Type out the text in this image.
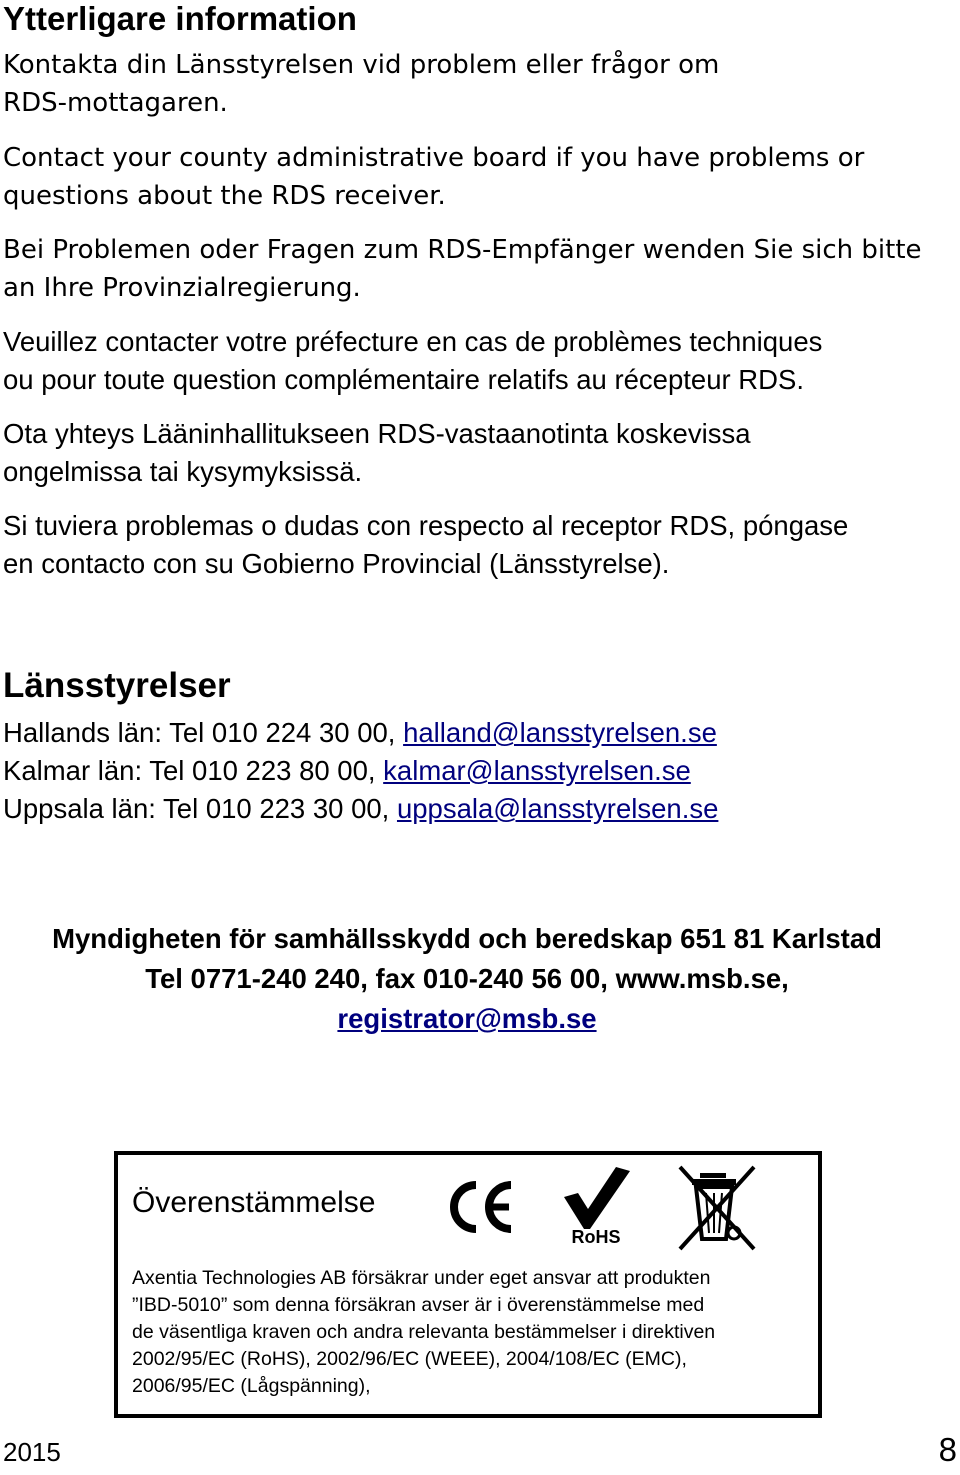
Ytterligare information

Kontakta din Länsstyrelsen vid problem eller frågor om
RDS-mottagaren.

Contact your county administrative board if you have problems or
questions about the RDS receiver.

Bei Problemen oder Fragen zum RDS-Empfänger wenden Sie sich bitte
an Ihre Provinzialregierung.

Veuillez contacter votre préfecture en cas de problèmes techniques
ou pour toute question complémentaire relatifs au récepteur RDS.

Ota yhteys Lääninhallitukseen RDS-vastaanotinta koskevissa
ongelmissa tai kysymyksissä.

Si tuviera problemas o dudas con respecto al receptor RDS, póngase
en contacto con su Gobierno Provincial (Länsstyrelse).

Länsstyrelser
Hallands län: Tel 010 224 30 00, halland@lansstyrelsen.se
Kalmar län: Tel 010 223 80 00, kalmar@lansstyrelsen.se
Uppsala län: Tel 010 223 30 00, uppsala@lansstyrelsen.se
Myndigheten för samhällsskydd och beredskap 651 81 Karlstad
Tel 0771-240 240, fax 010-240 56 00, www.msb.se,
registrator@msb.se
Överenstämmelse
RoHS
Axentia Technologies AB försäkrar under eget ansvar att produkten
”IBD-5010” som denna försäkran avser är i överenstämmelse med
de väsentliga kraven och andra relevanta bestämmelser i direktiven
2002/95/EC (RoHS), 2002/96/EC (WEEE), 2004/108/EC (EMC),
2006/95/EC (Lågspänning),
2015	8
